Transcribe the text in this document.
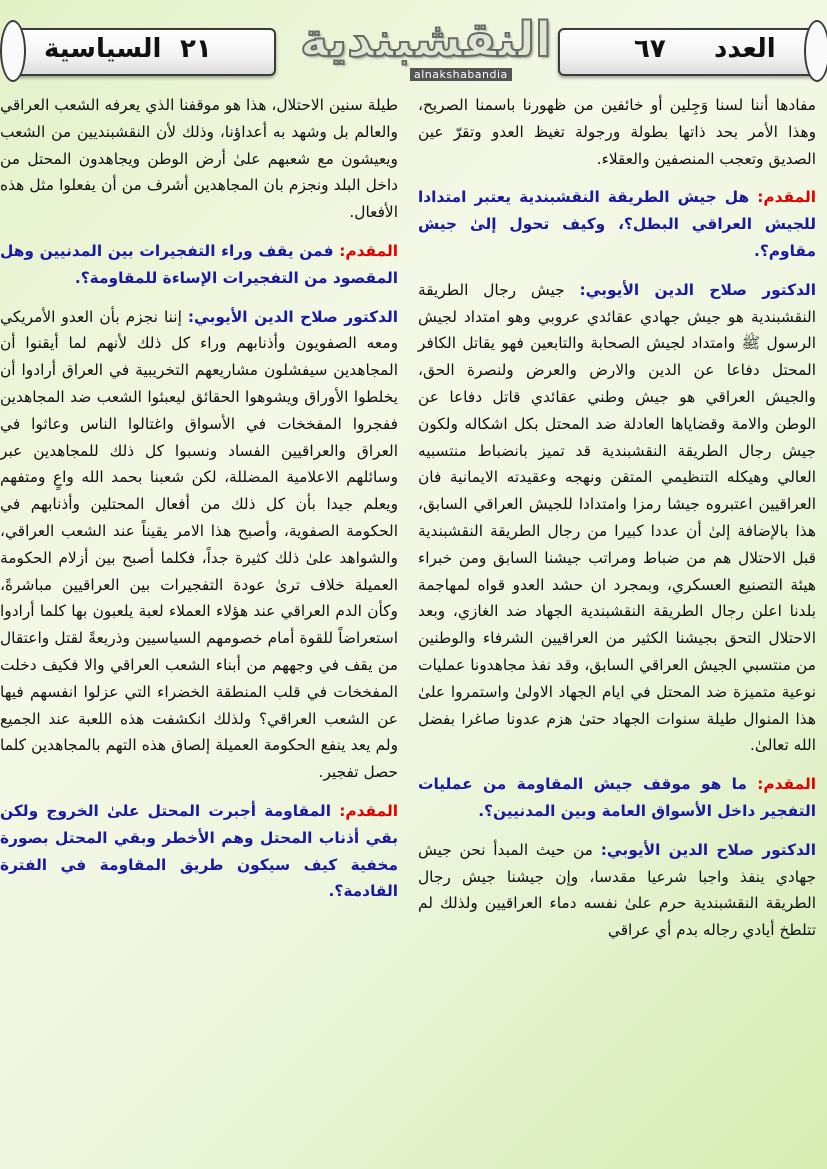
السياسية ٢١ النقشبندية
alnakshabandia
٦٧ العدد

مفادها أننا لسنا وَجِلين أو خائفين من ظهورنا باسمنا الصريح، وهذا الأمر بحد ذاتها بطولة ورجولة تغيظ العدو وتقرّ عين الصديق وتعجب المنصفين والعقلاء.

المقدم: هل جيش الطريقة النقشبندية يعتبر امتدادا للجيش العراقي البطل؟، وكيف تحول إلىٰ جيش مقاوم؟.

الدكتور صلاح الدين الأيوبي: جيش رجال الطريقة النقشبندية هو جيش جهادي عقائدي عروبي وهو امتداد لجيش الرسول ﷺ وامتداد لجيش الصحابة والتابعين فهو يقاتل الكافر المحتل دفاعا عن الدين والارض والعرض ولنصرة الحق، والجيش العراقي هو جيش وطني عقائدي قاتل دفاعا عن الوطن والامة وقضاياها العادلة ضد المحتل بكل اشكاله ولكون جيش رجال الطريقة النقشبندية قد تميز بانضباط منتسبيه العالي وهيكله التنظيمي المتقن ونهجه وعقيدته الايمانية فان العراقيين اعتبروه جيشا رمزا وامتدادا للجيش العراقي السابق، هذا بالإضافة إلىٰ أن عددا كبيرا من رجال الطريقة النقشبندية قبل الاحتلال هم من ضباط ومراتب جيشنا السابق ومن خبراء هيئة التصنيع العسكري، وبمجرد ان حشد العدو قواه لمهاجمة بلدنا اعلن رجال الطريقة النقشبندية الجهاد ضد الغازي، وبعد الاحتلال التحق بجيشنا الكثير من العراقيين الشرفاء والوطنين من منتسبي الجيش العراقي السابق، وقد نفذ مجاهدونا عمليات نوعية متميزة ضد المحتل في ايام الجهاد الاولىٰ واستمروا علىٰ هذا المنوال طيلة سنوات الجهاد حتىٰ هزم عدونا صاغرا بفضل الله تعالىٰ.

المقدم: ما هو موقف جيش المقاومة من عمليات التفجير داخل الأسواق العامة وبين المدنيين؟.

الدكتور صلاح الدين الأيوبي: من حيث المبدأ نحن جيش جهادي ينفذ واجبا شرعيا مقدسا، وإن جيشنا جيش رجال الطريقة النقشبندية حرم علىٰ نفسه دماء العراقيين ولذلك لم تتلطخ أيادي رجاله بدم أي عراقي

طيلة سنين الاحتلال، هذا هو موقفنا الذي يعرفه الشعب العراقي والعالم بل وشهد به أعداؤنا، وذلك لأن النقشبنديين من الشعب ويعيشون مع شعبهم علىٰ أرض الوطن ويجاهدون المحتل من داخل البلد ونجزم بان المجاهدين أشرف من أن يفعلوا مثل هذه الأفعال.

المقدم: فمن يقف وراء التفجيرات بين المدنيين وهل المقصود من التفجيرات الإساءة للمقاومة؟.

الدكتور صلاح الدين الأيوبي: إننا نجزم بأن العدو الأمريكي ومعه الصفويون وأذنابهم وراء كل ذلك لأنهم لما أيقنوا أن المجاهدين سيفشلون مشاريعهم التخريبية في العراق أرادوا أن يخلطوا الأوراق ويشوهوا الحقائق ليعبئوا الشعب ضد المجاهدين ففجروا المفخخات في الأسواق واغتالوا الناس وعاثوا في العراق والعراقيين الفساد ونسبوا كل ذلك للمجاهدين عبر وسائلهم الاعلامية المضللة، لكن شعبنا بحمد الله واعٍ ومتفهم ويعلم جيدا بأن كل ذلك من أفعال المحتلين وأذنابهم في الحكومة الصفوية، وأصبح هذا الامر يقيناً عند الشعب العراقي، والشواهد علىٰ ذلك كثيرة جداً، فكلما أصبح بين أزلام الحكومة العميلة خلاف ترىٰ عودة التفجيرات بين العراقيين مباشرةً، وكأن الدم العراقي عند هؤلاء العملاء لعبة يلعبون بها كلما أرادوا استعراضاً للقوة أمام خصومهم السياسيين وذريعةً لقتل واعتقال من يقف في وجههم من أبناء الشعب العراقي والا فكيف دخلت المفخخات في قلب المنطقة الخضراء التي عزلوا انفسهم فيها عن الشعب العراقي؟ ولذلك انكشفت هذه اللعبة عند الجميع ولم يعد ينفع الحكومة العميلة إلصاق هذه التهم بالمجاهدين كلما حصل تفجير.

المقدم: المقاومة أجبرت المحتل علىٰ الخروج ولكن بقي أذناب المحتل وهم الأخطر وبقي المحتل بصورة مخفية كيف سيكون طريق المقاومة في الفترة القادمة؟.
